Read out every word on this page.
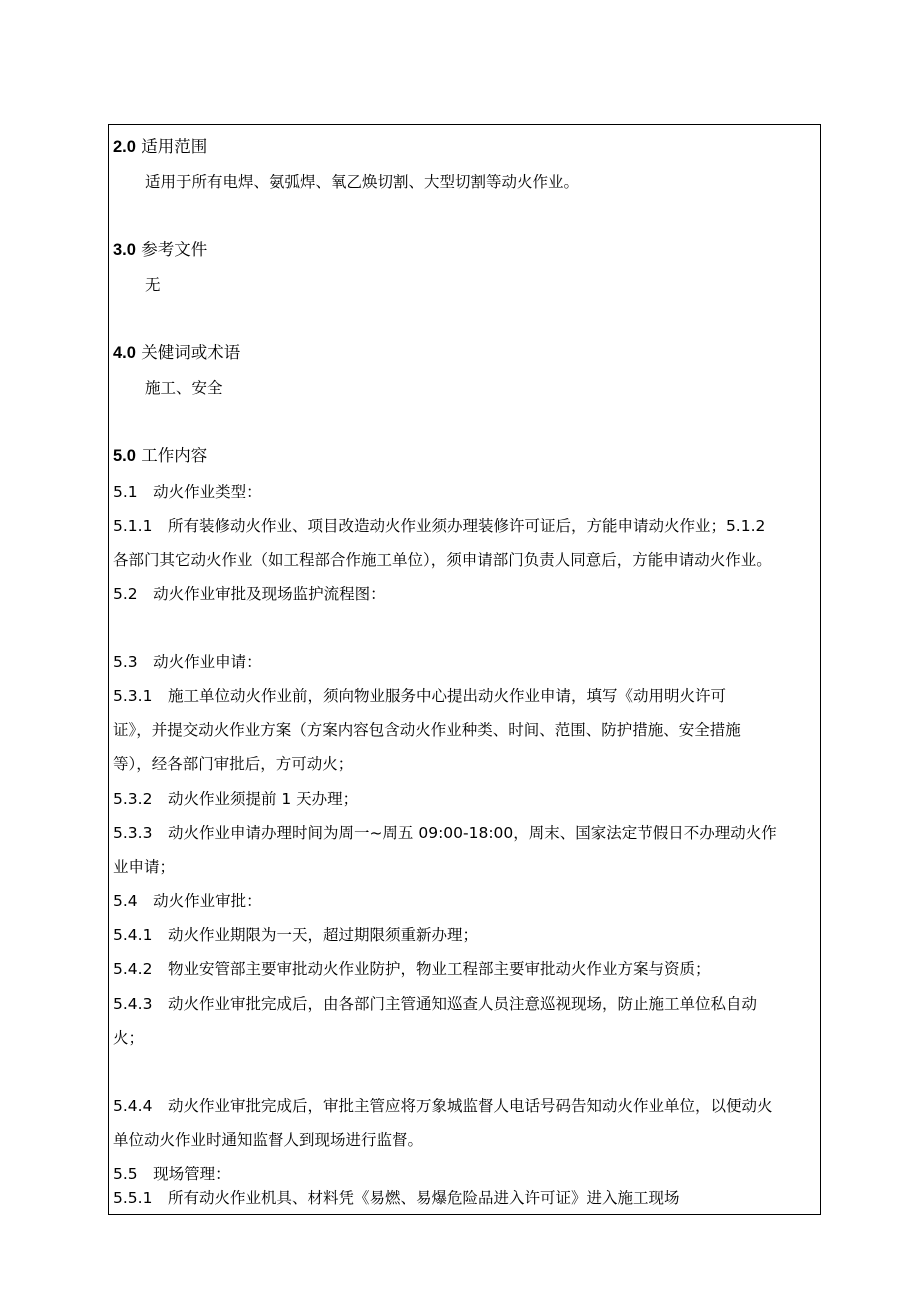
2.0 适用范围
适用于所有电焊、氨弧焊、氧乙焕切割、大型切割等动火作业。
3.0 参考文件
无
4.0 关健词或术语
施工、安全
5.0 工作内容
5.1　动火作业类型：
5.1.1　所有装修动火作业、项目改造动火作业须办理装修许可证后，方能申请动火作业；5.1.2
各部门其它动火作业（如工程部合作施工单位），须申请部门负责人同意后，方能申请动火作业。
5.2　动火作业审批及现场监护流程图：
5.3　动火作业申请：
5.3.1　施工单位动火作业前，须向物业服务中心提出动火作业申请，填写《动用明火许可
证》，并提交动火作业方案（方案内容包含动火作业种类、时间、范围、防护措施、安全措施
等），经各部门审批后，方可动火；
5.3.2　动火作业须提前 1 天办理；
5.3.3　动火作业申请办理时间为周一~周五 09:00-18:00，周末、国家法定节假日不办理动火作
业申请；
5.4　动火作业审批：
5.4.1　动火作业期限为一天，超过期限须重新办理；
5.4.2　物业安管部主要审批动火作业防护，物业工程部主要审批动火作业方案与资质；
5.4.3　动火作业审批完成后，由各部门主管通知巡查人员注意巡视现场，防止施工单位私自动
火；
5.4.4　动火作业审批完成后，审批主管应将万象城监督人电话号码告知动火作业单位，以便动火
单位动火作业时通知监督人到现场进行监督。
5.5　现场管理：
5.5.1　所有动火作业机具、材料凭《易燃、易爆危险品进入许可证》进入施工现场
